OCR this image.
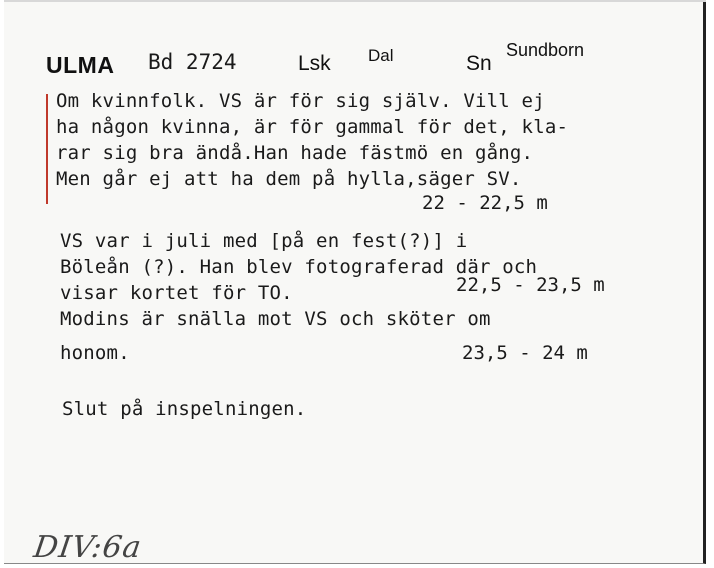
ULMA Bd 2724	Lsk Dal	Sn
Sundborn
Om kvinnfolk. VS är för sig själv. Vill ej
ha någon kvinna, är för gammal för det, kla-
rar sig bra ändå.Han hade fästmö en gång.
Men går ej att ha dem på hylla,säger SV.
22 - 22,5 m
VS var i juli med [på en fest(?)] i
Böleån (?). Han blev fotograferad där och
visar kortet för TO.	22,5 - 23,5 m
Modins är snälla mot VS och sköter om
honom.	23,5 - 24 m
Slut på inspelningen.
DIV:6a
